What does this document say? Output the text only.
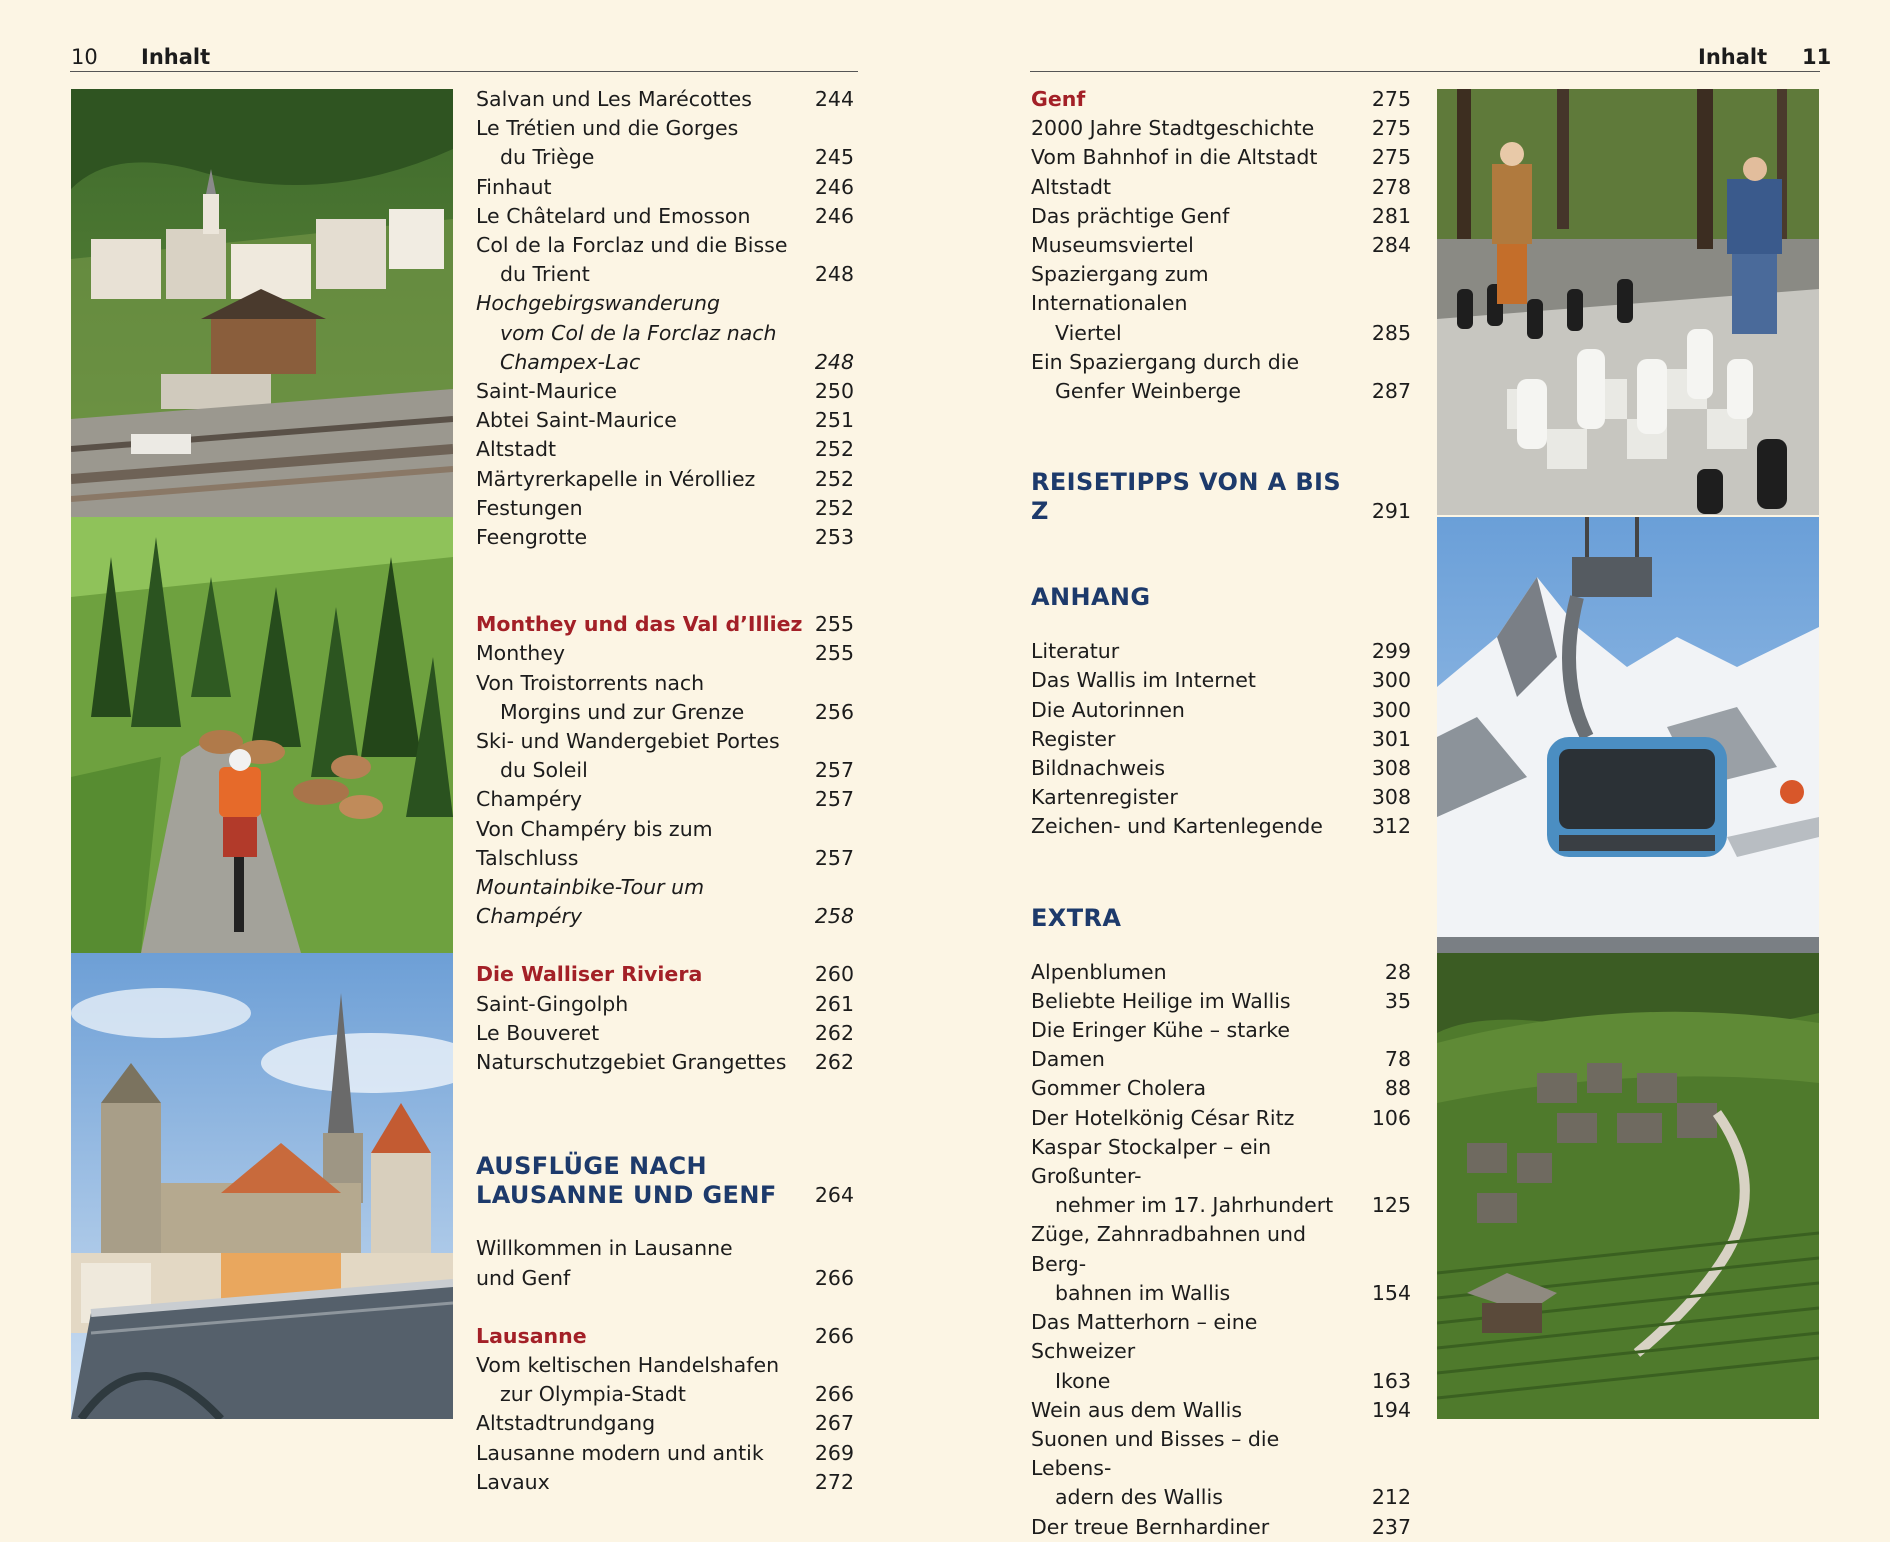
10 Inhalt	Inhalt 11
Salvan und Les Marécottes	244
Le Trétien und die Gorges
du Triège	245
Finhaut	246
Le Châtelard und Emosson	246
Col de la Forclaz und die Bisse
du Trient	248
Hochgebirgswanderung
vom Col de la Forclaz nach
Champex-Lac	248
Saint-Maurice	250
Abtei Saint-Maurice	251
Altstadt	252
Märtyrerkapelle in Vérolliez	252
Festungen	252
Feengrotte	253
Monthey und das Val d’Illiez 255
Monthey	255
Von Troistorrents nach
Morgins und zur Grenze	256
Ski- und Wandergebiet Portes
du Soleil	257
Champéry	257
Von Champéry bis zum Talschluss	257
Mountainbike-Tour um Champéry	258
Die Walliser Riviera	260
Saint-Gingolph	261
Le Bouveret	262
Naturschutzgebiet Grangettes	262
AUSFLÜGE NACH
LAUSANNE UND GENF	264
Willkommen in Lausanne
und Genf	266
Lausanne	266
Vom keltischen Handelshafen
zur Olympia-Stadt	266
Altstadtrundgang	267
Lausanne modern und antik	269
Lavaux	272
Genf	275
2000 Jahre Stadtgeschichte	275
Vom Bahnhof in die Altstadt	275
Altstadt	278
Das prächtige Genf	281
Museumsviertel	284
Spaziergang zum Internationalen
Viertel	285
Ein Spaziergang durch die
Genfer Weinberge	287
REISETIPPS VON A BIS Z	291
ANHANG
Literatur	299
Das Wallis im Internet	300
Die Autorinnen	300
Register	301
Bildnachweis	308
Kartenregister	308
Zeichen- und Kartenlegende	312
EXTRA
Alpenblumen	28
Beliebte Heilige im Wallis	35
Die Eringer Kühe – starke Damen	78
Gommer Cholera	88
Der Hotelkönig César Ritz	106
Kaspar Stockalper – ein Großunter-
nehmer im 17. Jahrhundert	125
Züge, Zahnradbahnen und Berg-
bahnen im Wallis	154
Das Matterhorn – eine Schweizer
Ikone	163
Wein aus dem Wallis	194
Suonen und Bisses – die Lebens-
adern des Wallis	212
Der treue Bernhardiner	237
